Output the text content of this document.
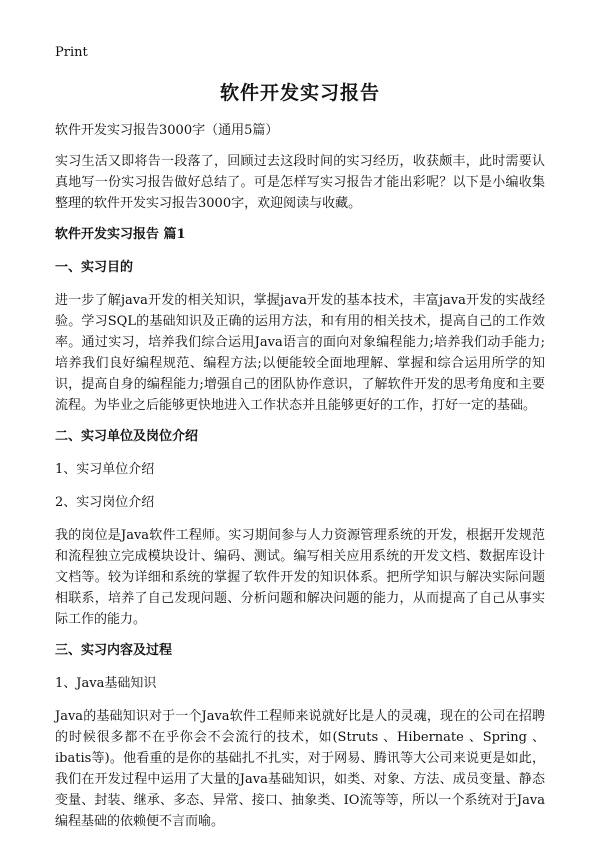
Print
软件开发实习报告

软件开发实习报告3000字（通用5篇）

实习生活又即将告一段落了，回顾过去这段时间的实习经历，收获颇丰，此时需要认真地写一份实习报告做好总结了。可是怎样写实习报告才能出彩呢？以下是小编收集整理的软件开发实习报告3000字，欢迎阅读与收藏。

软件开发实习报告 篇1

一、实习目的

进一步了解java开发的相关知识，掌握java开发的基本技术，丰富java开发的实战经验。学习SQL的基础知识及正确的运用方法，和有用的相关技术，提高自己的工作效率。通过实习，培养我们综合运用Java语言的面向对象编程能力;培养我们动手能力;培养我们良好编程规范、编程方法;以便能较全面地理解、掌握和综合运用所学的知识，提高自身的编程能力;增强自己的团队协作意识，了解软件开发的思考角度和主要流程。为毕业之后能够更快地进入工作状态并且能够更好的工作，打好一定的基础。

二、实习单位及岗位介绍

1、实习单位介绍

2、实习岗位介绍

我的岗位是Java软件工程师。实习期间参与人力资源管理系统的开发，根据开发规范和流程独立完成模块设计、编码、测试。编写相关应用系统的开发文档、数据库设计文档等。较为详细和系统的掌握了软件开发的知识体系。把所学知识与解决实际问题相联系，培养了自己发现问题、分析问题和解决问题的能力，从而提高了自己从事实际工作的能力。

三、实习内容及过程

1、Java基础知识

Java的基础知识对于一个Java软件工程师来说就好比是人的灵魂，现在的公司在招聘的时候很多都不在乎你会不会流行的技术，如(Struts 、Hibernate 、Spring 、ibatis等)。他看重的是你的基础扎不扎实，对于网易、腾讯等大公司来说更是如此，我们在开发过程中运用了大量的Java基础知识，如类、对象、方法、成员变量、静态变量、封装、继承、多态、异常、接口、抽象类、IO流等等，所以一个系统对于Java编程基础的依赖便不言而喻。
